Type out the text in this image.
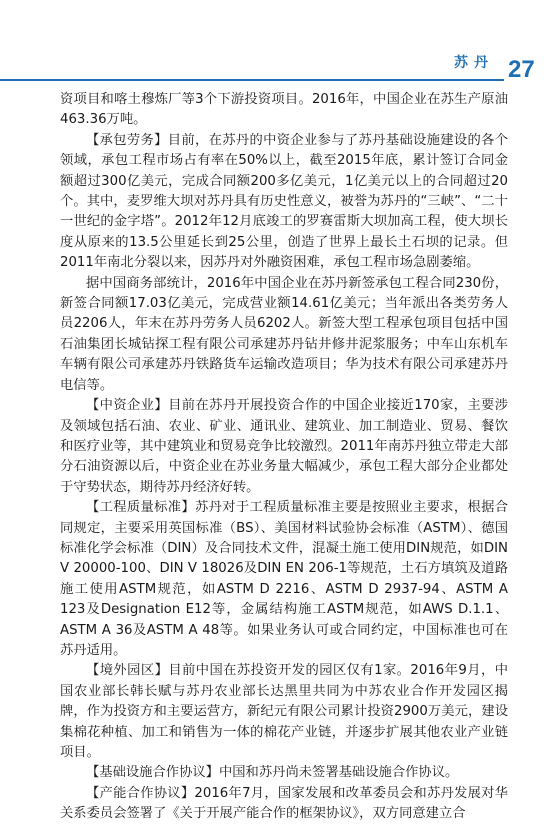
苏丹 27

资项目和喀土穆炼厂等3个下游投资项目。2016年，中国企业在苏生产原油463.36万吨。

【承包劳务】目前，在苏丹的中资企业参与了苏丹基础设施建设的各个领域，承包工程市场占有率在50%以上，截至2015年底，累计签订合同金额超过300亿美元，完成合同额200多亿美元，1亿美元以上的合同超过20个。其中，麦罗维大坝对苏丹具有历史性意义，被誉为苏丹的“三峡”、“二十一世纪的金字塔”。2012年12月底竣工的罗赛雷斯大坝加高工程，使大坝长度从原来的13.5公里延长到25公里，创造了世界上最长土石坝的记录。但2011年南北分裂以来，因苏丹对外融资困难，承包工程市场急剧萎缩。

据中国商务部统计，2016年中国企业在苏丹新签承包工程合同230份，新签合同额17.03亿美元，完成营业额14.61亿美元；当年派出各类劳务人员2206人，年末在苏丹劳务人员6202人。新签大型工程承包项目包括中国石油集团长城钻探工程有限公司承建苏丹钻井修井泥浆服务；中车山东机车车辆有限公司承建苏丹铁路货车运输改造项目；华为技术有限公司承建苏丹电信等。

【中资企业】目前在苏丹开展投资合作的中国企业接近170家，主要涉及领域包括石油、农业、矿业、通讯业、建筑业、加工制造业、贸易、餐饮和医疗业等，其中建筑业和贸易竞争比较激烈。2011年南苏丹独立带走大部分石油资源以后，中资企业在苏业务量大幅减少，承包工程大部分企业都处于守势状态，期待苏丹经济好转。

【工程质量标准】苏丹对于工程质量标准主要是按照业主要求，根据合同规定，主要采用英国标准（BS）、美国材料试验协会标准（ASTM）、德国标准化学会标准（DIN）及合同技术文件，混凝土施工使用DIN规范，如DIN V 20000-100、DIN V 18026及DIN EN 206-1等规范，土石方填筑及道路施工使用ASTM规范，如ASTM D 2216、ASTM D 2937-94、ASTM A 123及Designation E12等，金属结构施工ASTM规范，如AWS D.1.1、ASTM A 36及ASTM A 48等。如果业务认可或合同约定，中国标准也可在苏丹适用。

【境外园区】目前中国在苏投资开发的园区仅有1家。2016年9月，中国农业部长韩长赋与苏丹农业部长达黑里共同为中苏农业合作开发园区揭牌，作为投资方和主要运营方，新纪元有限公司累计投资2900万美元，建设集棉花种植、加工和销售为一体的棉花产业链，并逐步扩展其他农业产业链项目。

【基础设施合作协议】中国和苏丹尚未签署基础设施合作协议。

【产能合作协议】2016年7月，国家发展和改革委员会和苏丹发展对华关系委员会签署了《关于开展产能合作的框架协议》，双方同意建立合
